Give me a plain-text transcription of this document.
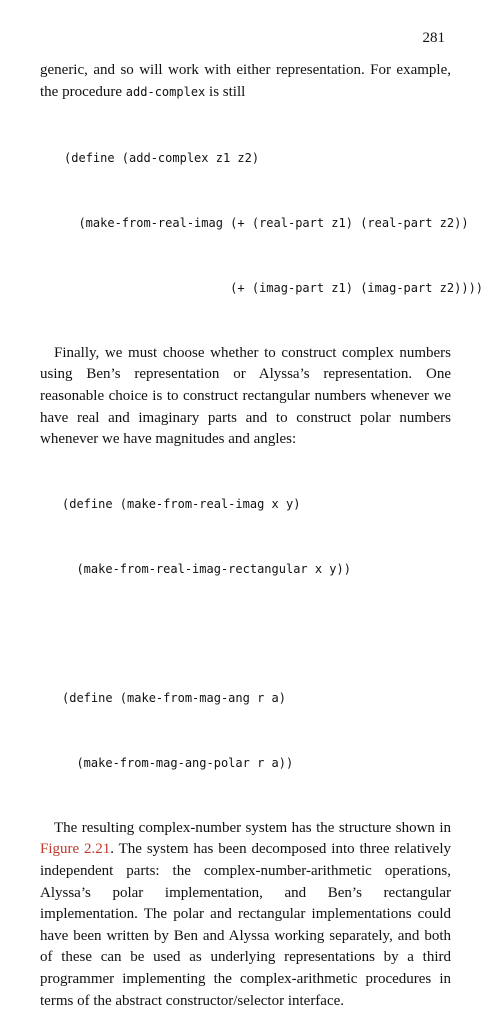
281

generic, and so will work with either representation. For example, the procedure add-complex is still

(define (add-complex z1 z2)

(make-from-real-imag (+ (real-part z1) (real-part z2))

(+ (imag-part z1) (imag-part z2))))

Finally, we must choose whether to construct complex numbers using Ben’s representation or Alyssa’s representation. One reasonable choice is to construct rectangular numbers whenever we have real and imaginary parts and to construct polar numbers whenever we have magnitudes and angles:

(define (make-from-real-imag x y)

(make-from-real-imag-rectangular x y))

(define (make-from-mag-ang r a)

(make-from-mag-ang-polar r a))

The resulting complex-number system has the structure shown in Figure 2.21. The system has been decomposed into three relatively independent parts: the complex-number-arithmetic operations, Alyssa’s polar implementation, and Ben’s rectangular implementation. The polar and rectangular implementations could have been written by Ben and Alyssa working separately, and both of these can be used as underlying representations by a third programmer implementing the complex-arithmetic procedures in terms of the abstract constructor/selector interface.
